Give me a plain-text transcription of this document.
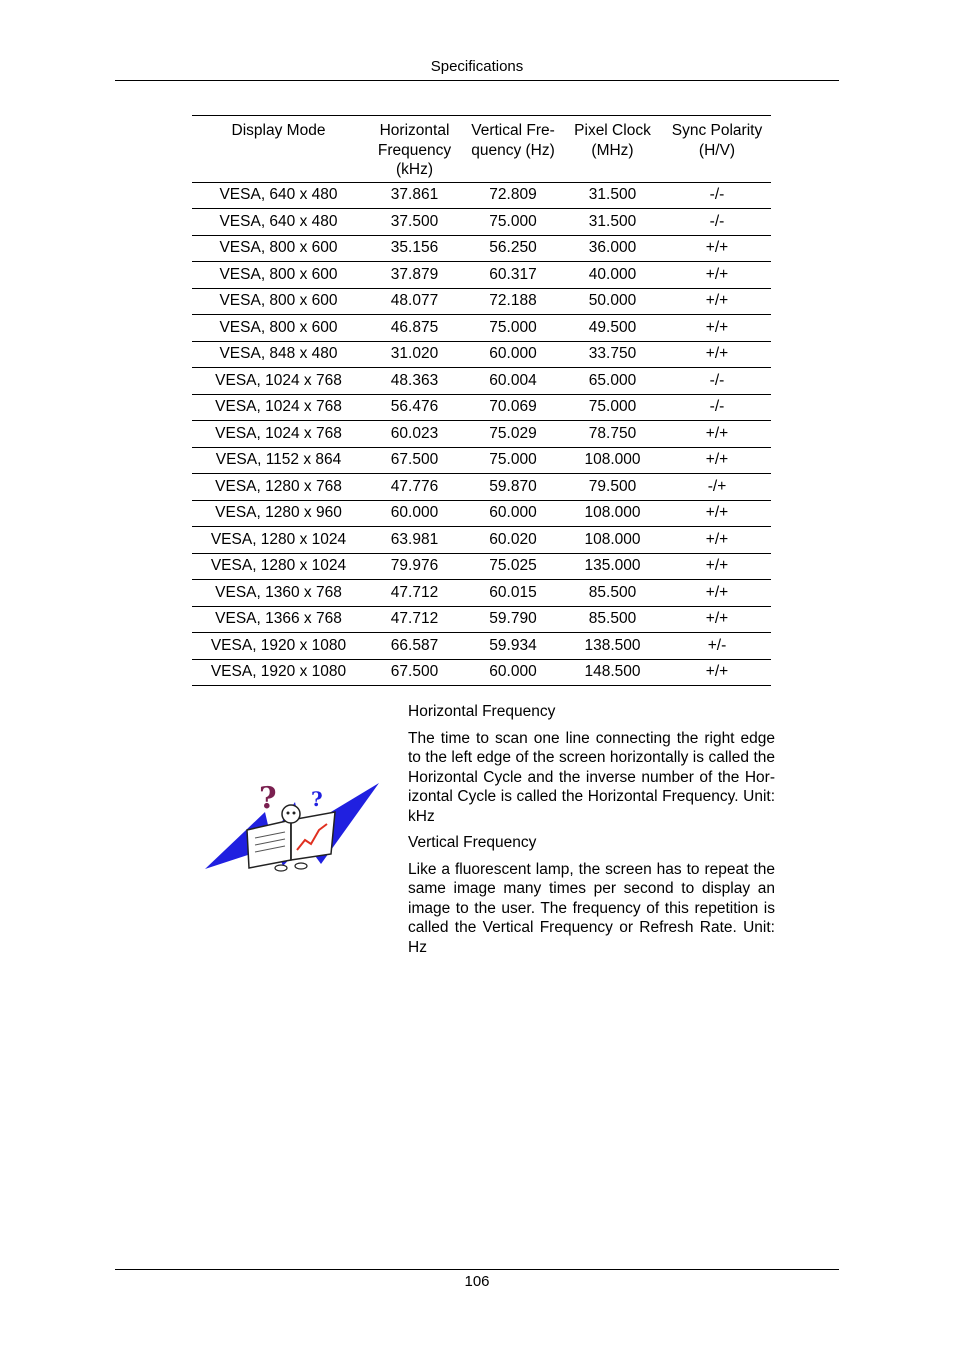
Specifications
Display Mode	Horizontal Frequency (kHz)	Vertical Fre-quency (Hz)	Pixel Clock (MHz)	Sync Polarity (H/V)
VESA, 640 x 480	37.861	72.809	31.500	-/-
VESA, 640 x 480	37.500	75.000	31.500	-/-
VESA, 800 x 600	35.156	56.250	36.000	+/+
VESA, 800 x 600	37.879	60.317	40.000	+/+
VESA, 800 x 600	48.077	72.188	50.000	+/+
VESA, 800 x 600	46.875	75.000	49.500	+/+
VESA, 848 x 480	31.020	60.000	33.750	+/+
VESA, 1024 x 768	48.363	60.004	65.000	-/-
VESA, 1024 x 768	56.476	70.069	75.000	-/-
VESA, 1024 x 768	60.023	75.029	78.750	+/+
VESA, 1152 x 864	67.500	75.000	108.000	+/+
VESA, 1280 x 768	47.776	59.870	79.500	-/+
VESA, 1280 x 960	60.000	60.000	108.000	+/+
VESA, 1280 x 1024	63.981	60.020	108.000	+/+
VESA, 1280 x 1024	79.976	75.025	135.000	+/+
VESA, 1360 x 768	47.712	60.015	85.500	+/+
VESA, 1366 x 768	47.712	59.790	85.500	+/+
VESA, 1920 x 1080	66.587	59.934	138.500	+/-
VESA, 1920 x 1080	67.500	60.000	148.500	+/+
? ?
Horizontal Frequency
The time to scan one line connecting the right edge to the left edge of the screen horizontally is called the Horizontal Cycle and the inverse number of the Hor-izontal Cycle is called the Horizontal Frequency. Unit: kHz
Vertical Frequency
Like a fluorescent lamp, the screen has to repeat the same image many times per second to display an image to the user. The frequency of this repetition is called the Vertical Frequency or Refresh Rate. Unit: Hz
106
